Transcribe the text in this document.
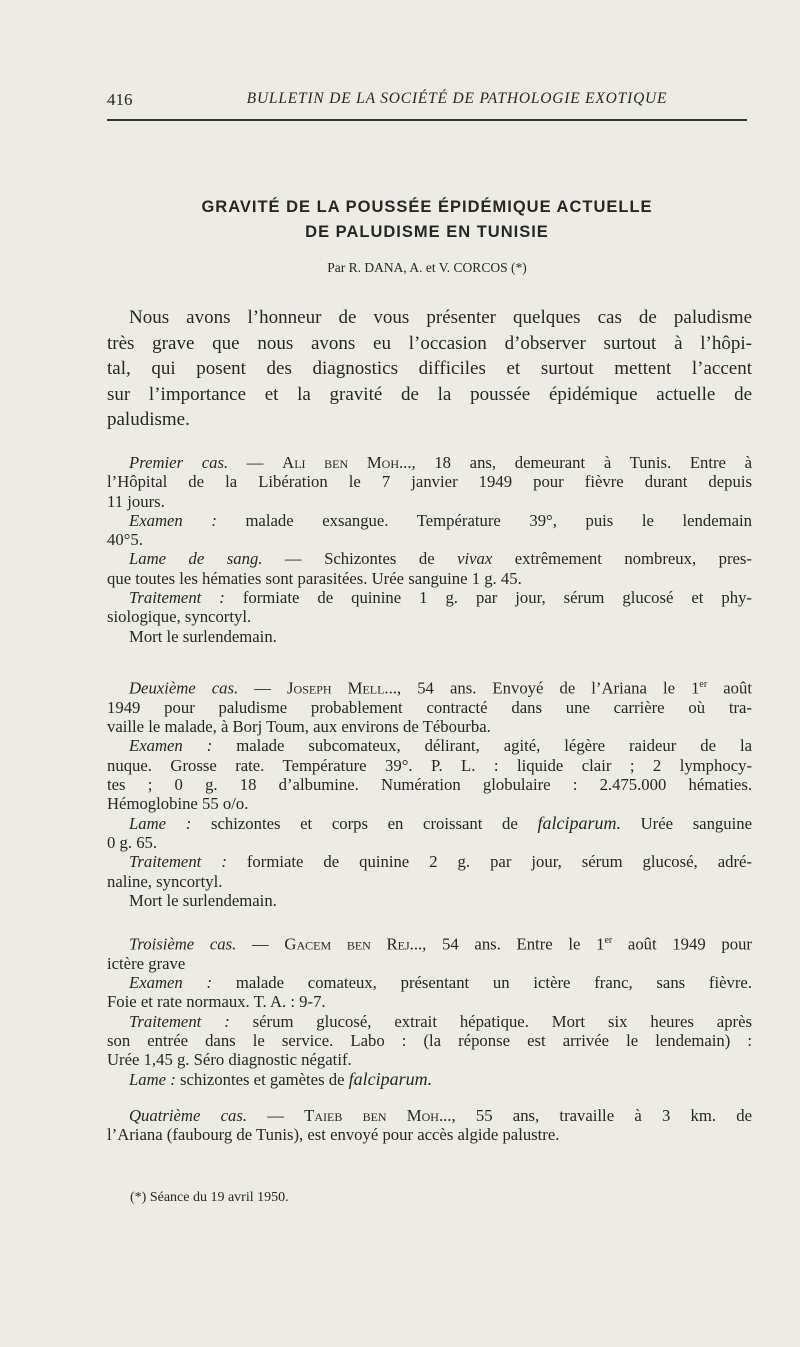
416	BULLETIN DE LA SOCIÉTÉ DE PATHOLOGIE EXOTIQUE
GRAVITÉ DE LA POUSSÉE ÉPIDÉMIQUE ACTUELLE
DE PALUDISME EN TUNISIE
Par R. DANA, A. et V. CORCOS (*)
Nous avons l’honneur de vous présenter quelques cas de paludisme
très grave que nous avons eu l’occasion d’observer surtout à l’hôpi-
tal, qui posent des diagnostics difficiles et surtout mettent l’accent
sur l’importance et la gravité de la poussée épidémique actuelle de
paludisme.
Premier cas. — Ali ben Moh..., 18 ans, demeurant à Tunis. Entre à
l’Hôpital de la Libération le 7 janvier 1949 pour fièvre durant depuis
11 jours.
Examen : malade exsangue. Température 39°, puis le lendemain
40°5.
Lame de sang. — Schizontes de vivax extrêmement nombreux, pres-
que toutes les hématies sont parasitées. Urée sanguine 1 g. 45.
Traitement : formiate de quinine 1 g. par jour, sérum glucosé et phy-
siologique, syncortyl.
Mort le surlendemain.
Deuxième cas. — Joseph Mell..., 54 ans. Envoyé de l’Ariana le 1er août
1949 pour paludisme probablement contracté dans une carrière où tra-
vaille le malade, à Borj Toum, aux environs de Tébourba.
Examen : malade subcomateux, délirant, agité, légère raideur de la
nuque. Grosse rate. Température 39°. P. L. : liquide clair ; 2 lymphocy-
tes ; 0 g. 18 d’albumine. Numération globulaire : 2.475.000 hématies.
Hémoglobine 55 o/o.
Lame : schizontes et corps en croissant de falciparum. Urée sanguine
0 g. 65.
Traitement : formiate de quinine 2 g. par jour, sérum glucosé, adré-
naline, syncortyl.
Mort le surlendemain.
Troisième cas. — Gacem ben Rej..., 54 ans. Entre le 1er août 1949 pour
ictère grave
Examen : malade comateux, présentant un ictère franc, sans fièvre.
Foie et rate normaux. T. A. : 9-7.
Traitement : sérum glucosé, extrait hépatique. Mort six heures après
son entrée dans le service. Labo : (la réponse est arrivée le lendemain) :
Urée 1,45 g. Séro diagnostic négatif.
Lame : schizontes et gamètes de falciparum.
Quatrième cas. — Taieb ben Moh..., 55 ans, travaille à 3 km. de
l’Ariana (faubourg de Tunis), est envoyé pour accès algide palustre.
(*) Séance du 19 avril 1950.
